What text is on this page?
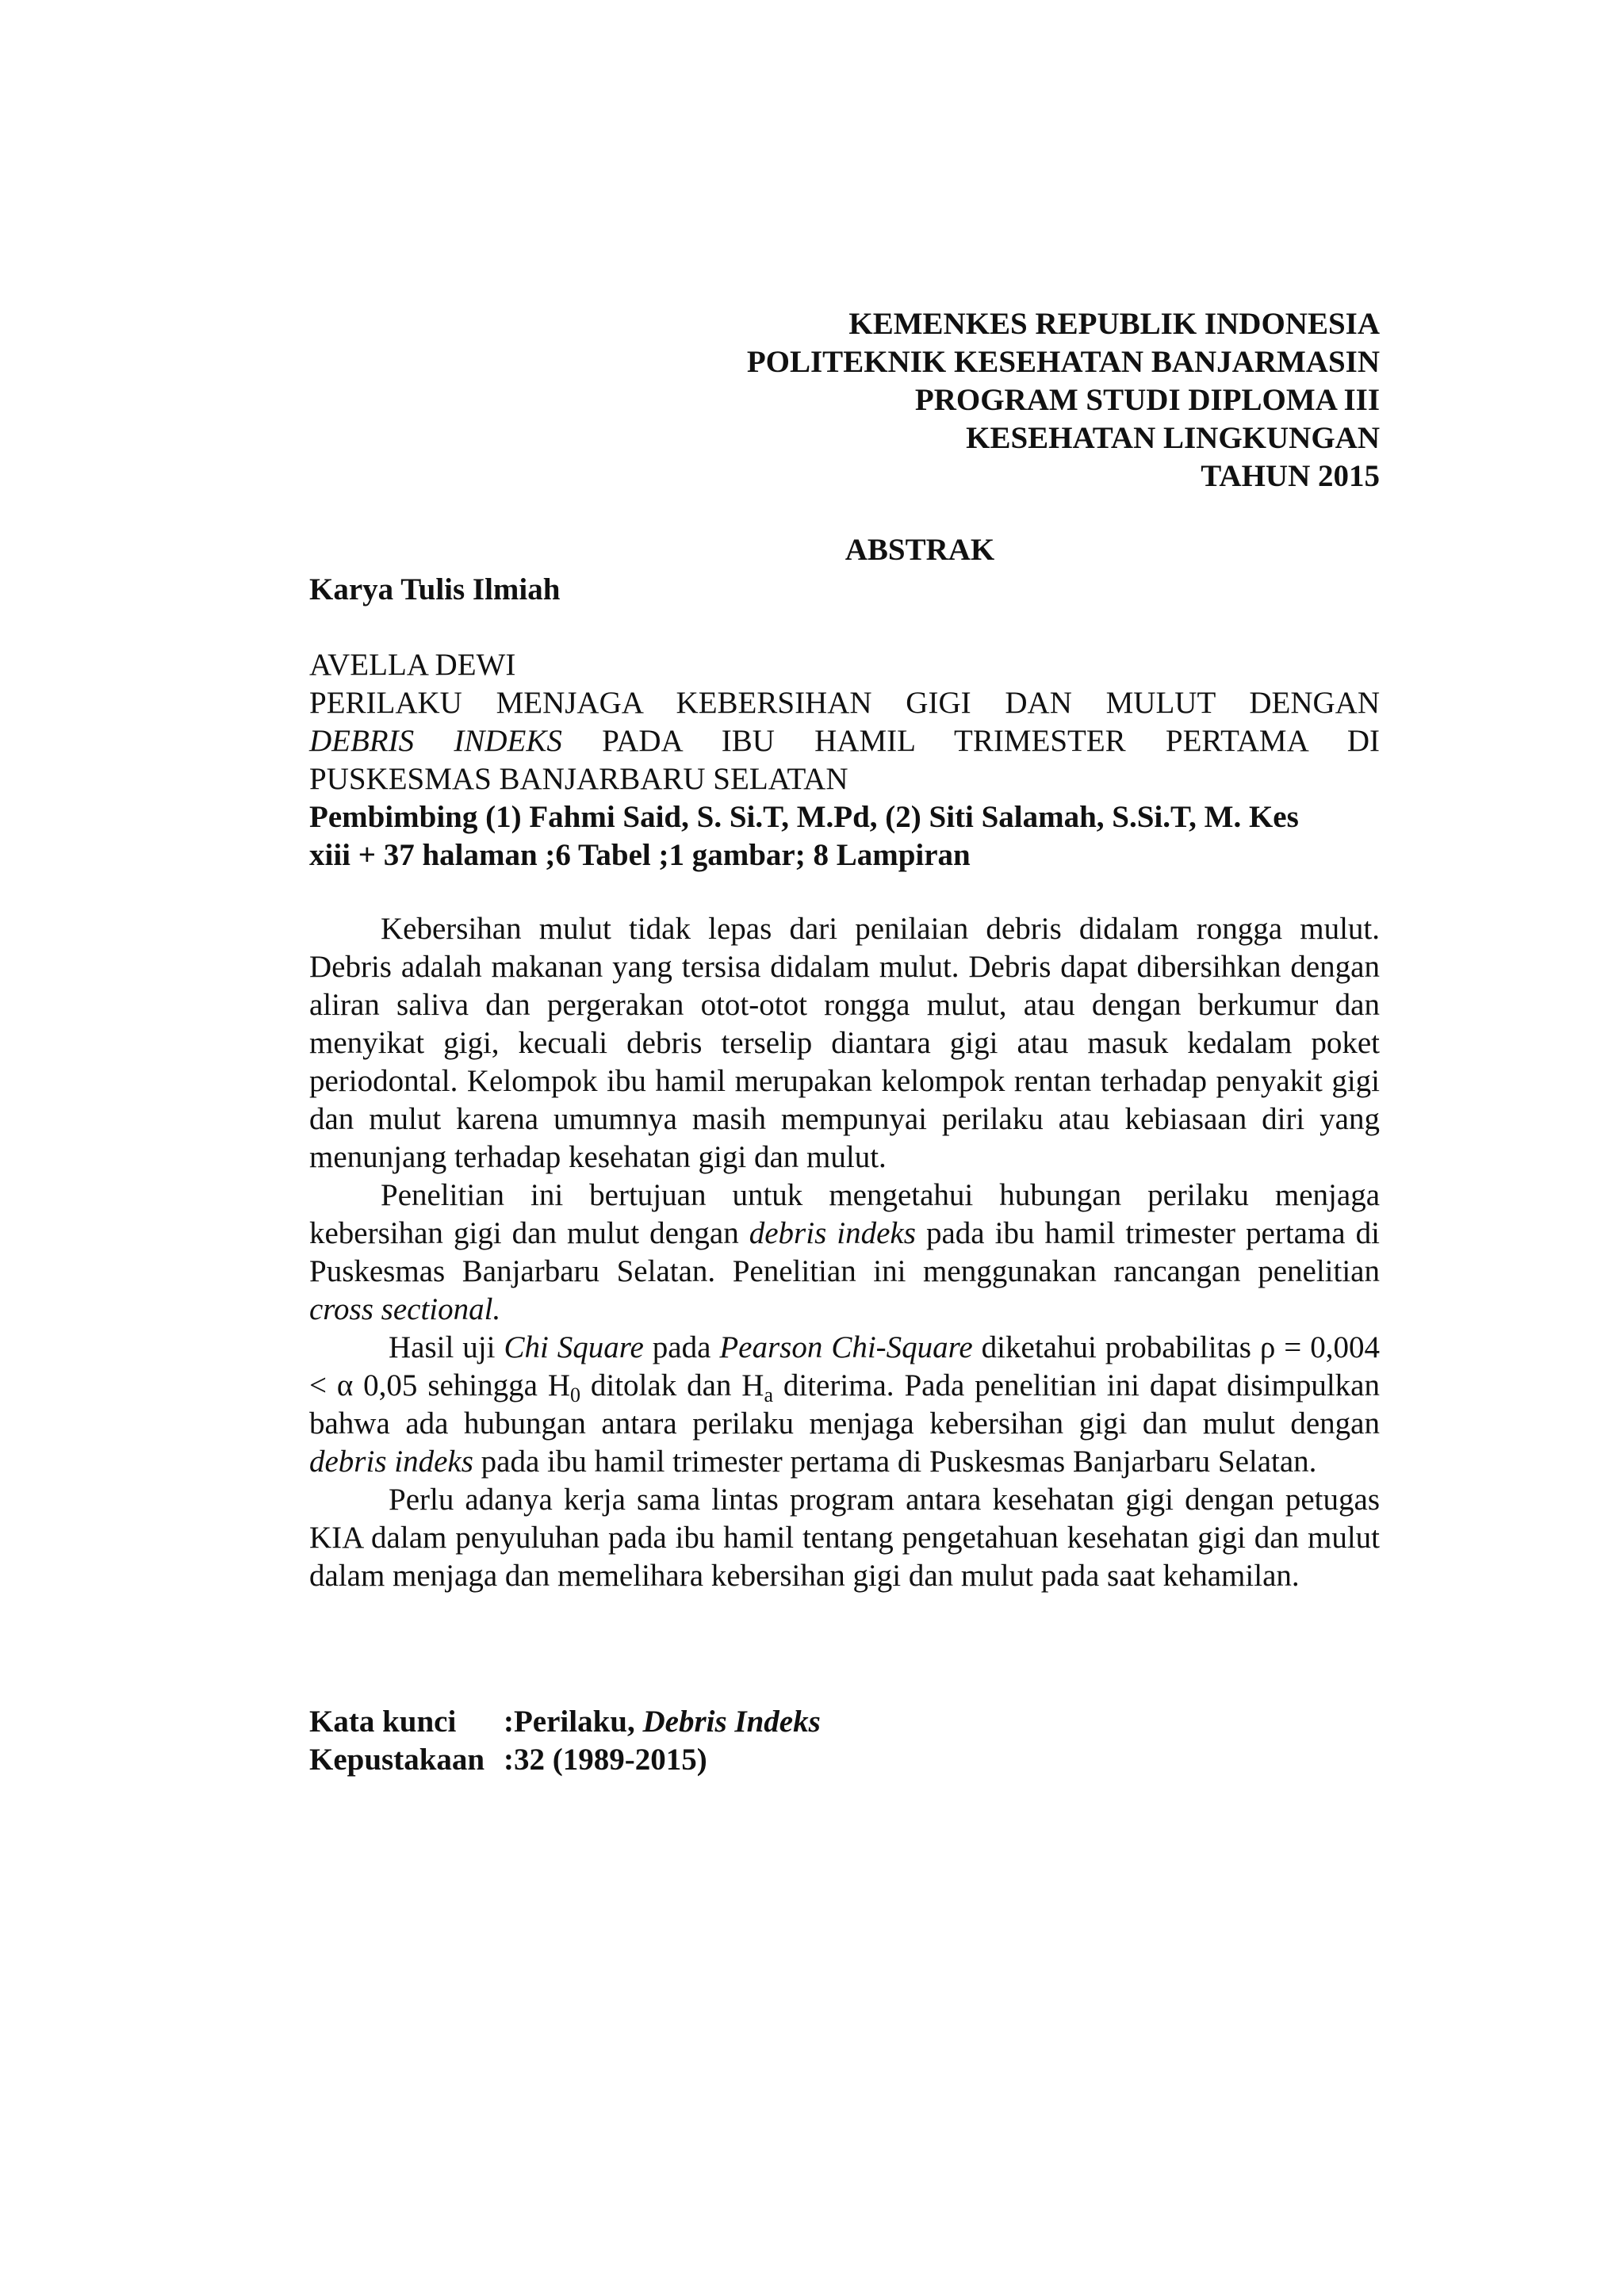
KEMENKES REPUBLIK INDONESIA
POLITEKNIK KESEHATAN BANJARMASIN
PROGRAM STUDI DIPLOMA III
KESEHATAN LINGKUNGAN
TAHUN 2015
ABSTRAK
Karya Tulis Ilmiah
AVELLA DEWI
PERILAKU MENJAGA KEBERSIHAN GIGI DAN MULUT DENGAN
DEBRIS INDEKS PADA IBU HAMIL TRIMESTER PERTAMA DI
PUSKESMAS BANJARBARU SELATAN
Pembimbing (1) Fahmi Said, S. Si.T, M.Pd, (2) Siti Salamah, S.Si.T, M. Kes
xiii + 37 halaman ;6 Tabel ;1 gambar; 8 Lampiran

Kebersihan mulut tidak lepas dari penilaian debris didalam rongga mulut. Debris adalah makanan yang tersisa didalam mulut. Debris dapat dibersihkan dengan aliran saliva dan pergerakan otot-otot rongga mulut, atau dengan berkumur dan menyikat gigi, kecuali debris terselip diantara gigi atau masuk kedalam poket periodontal. Kelompok ibu hamil merupakan kelompok rentan terhadap penyakit gigi dan mulut karena umumnya masih mempunyai perilaku atau kebiasaan diri yang menunjang terhadap kesehatan gigi dan mulut.

Penelitian ini bertujuan untuk mengetahui hubungan perilaku menjaga kebersihan gigi dan mulut dengan debris indeks pada ibu hamil trimester pertama di Puskesmas Banjarbaru Selatan. Penelitian ini menggunakan rancangan penelitian cross sectional.

Hasil uji Chi Square pada Pearson Chi-Square diketahui probabilitas ρ = 0,004 < α 0,05 sehingga $H_0$ ditolak dan $H_a$ diterima. Pada penelitian ini dapat disimpulkan bahwa ada hubungan antara perilaku menjaga kebersihan gigi dan mulut dengan debris indeks pada ibu hamil trimester pertama di Puskesmas Banjarbaru Selatan.

Perlu adanya kerja sama lintas program antara kesehatan gigi dengan petugas KIA dalam penyuluhan pada ibu hamil tentang pengetahuan kesehatan gigi dan mulut dalam menjaga dan memelihara kebersihan gigi dan mulut pada saat kehamilan.

Kata kunci :Perilaku, Debris Indeks
Kepustakaan :32 (1989-2015)
